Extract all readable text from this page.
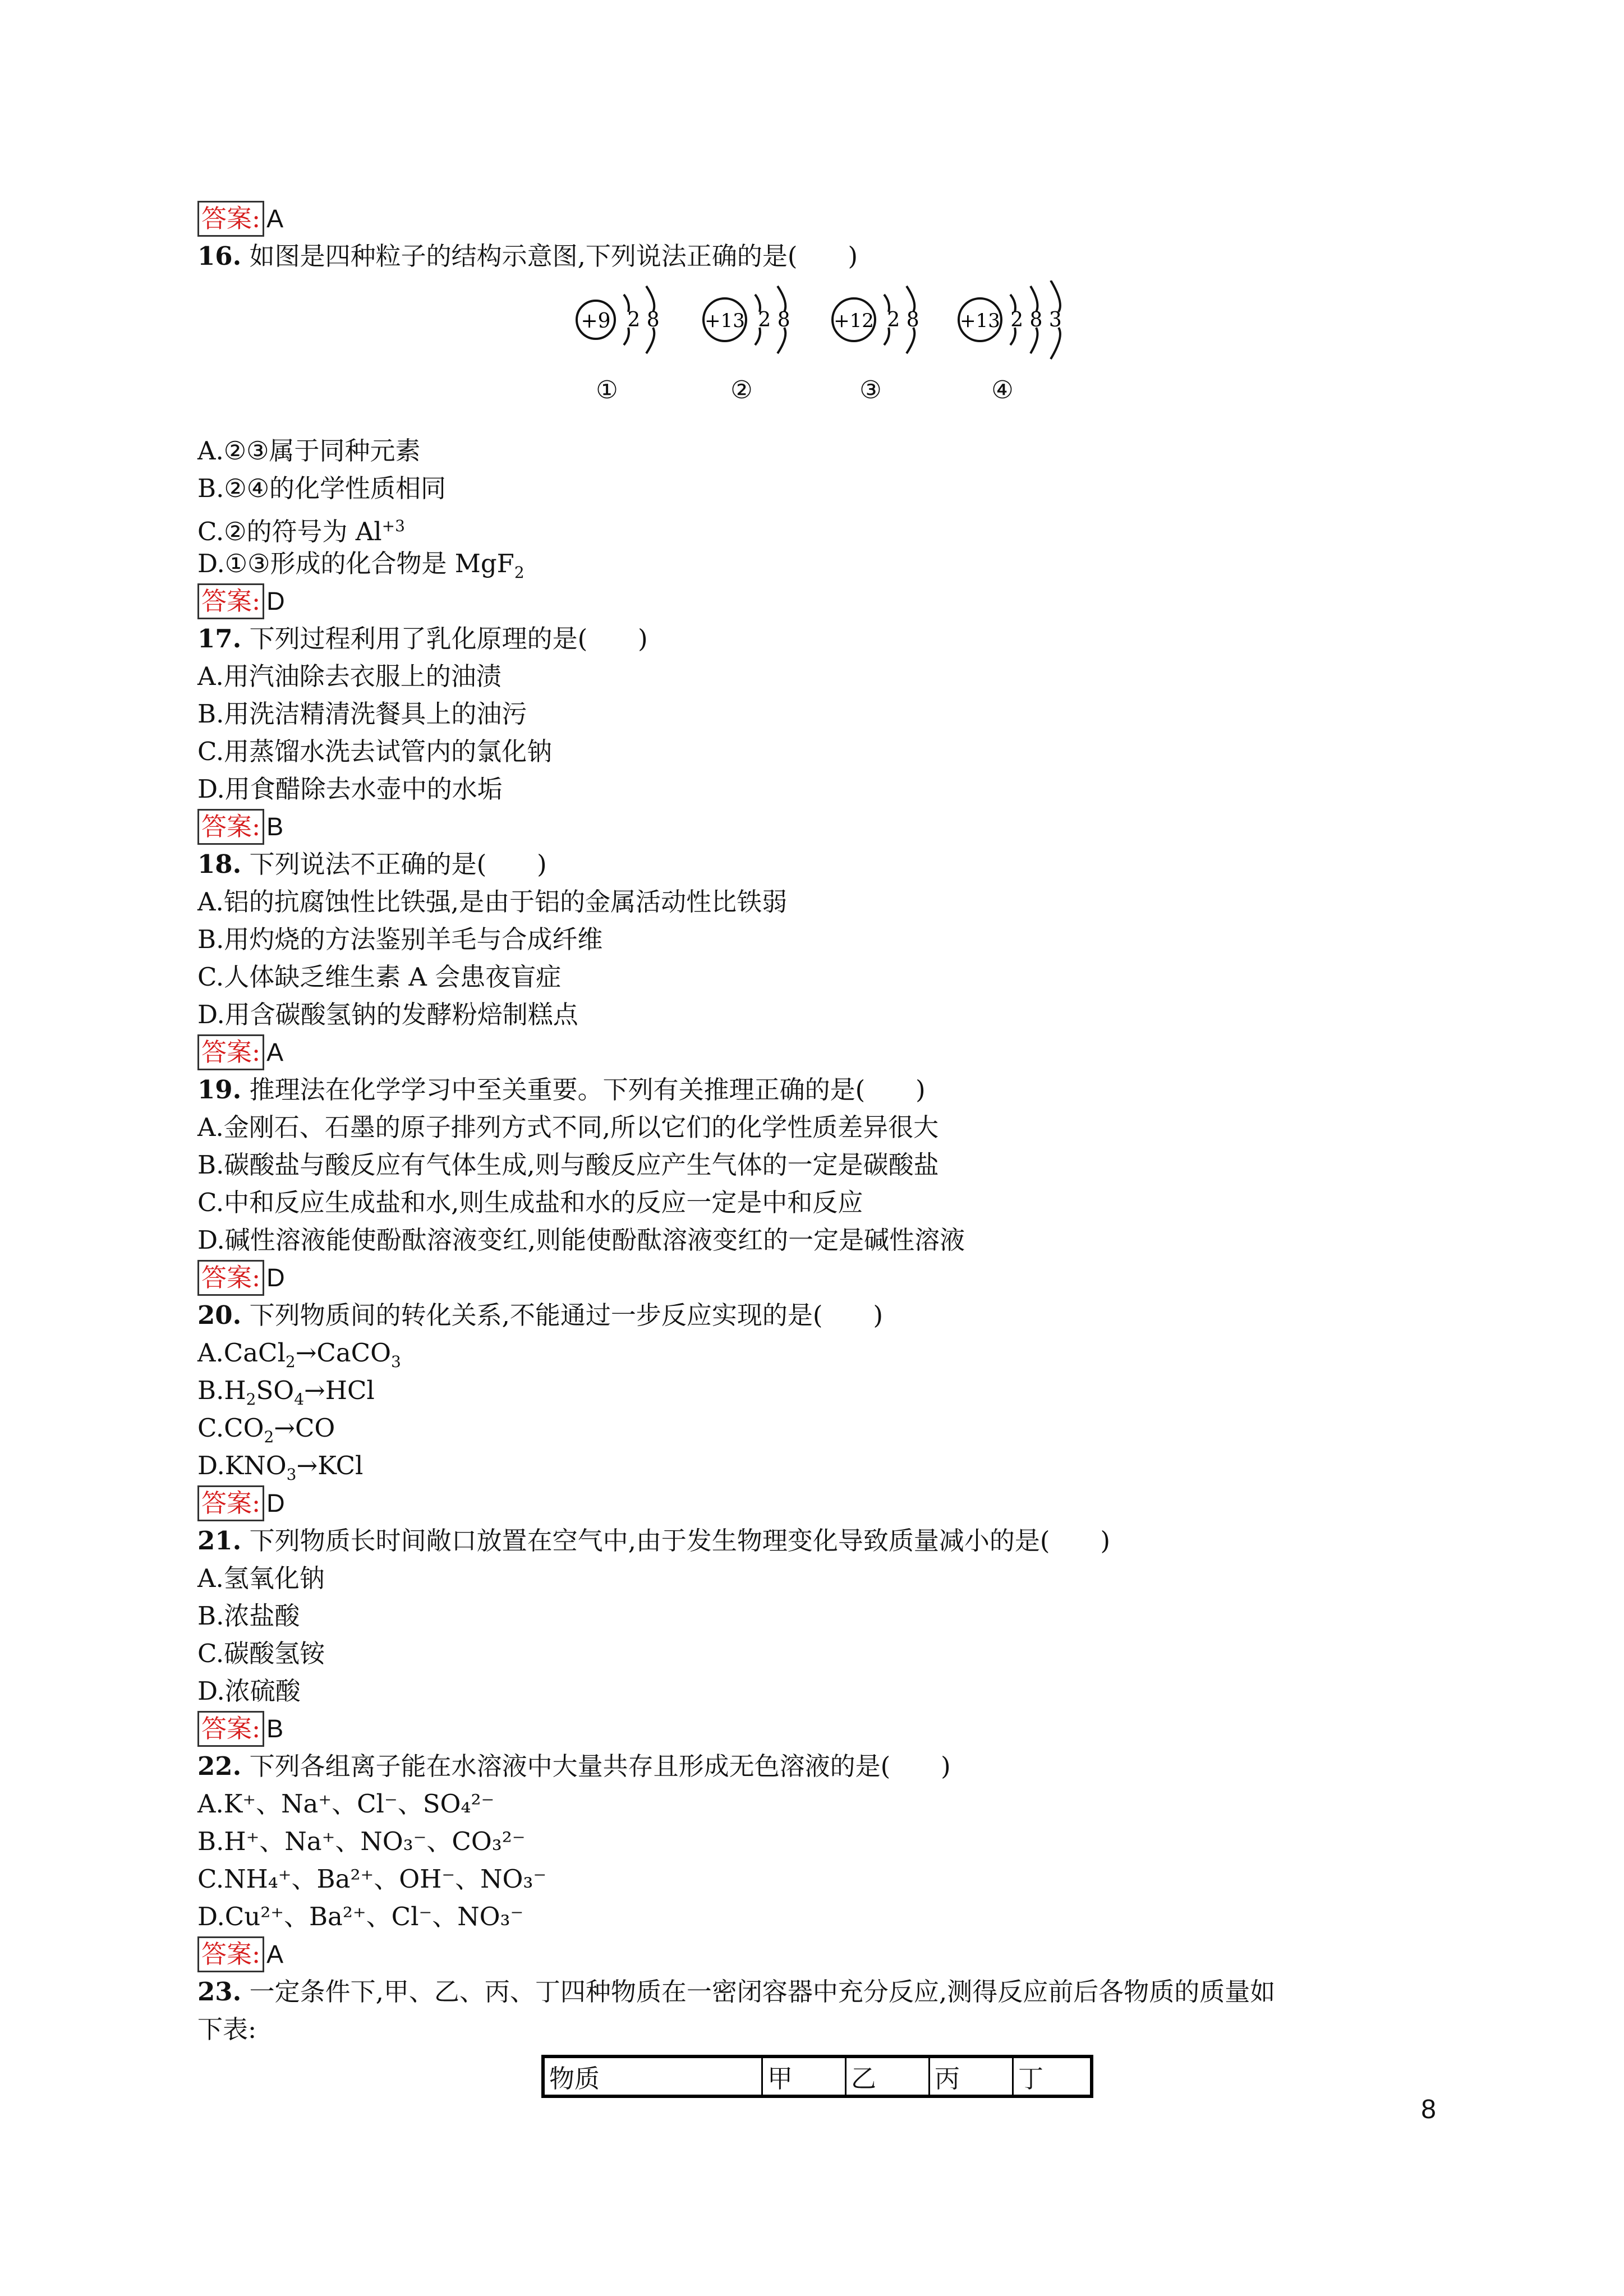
答案: A
16. 如图是四种粒子的结构示意图,下列说法正确的是(　　)
+9 2 8 +13 2 8 +12 2 8 +13 2 8 3
①	②	③	④
A.②③属于同种元素
B.②④的化学性质相同
C.②的符号为 $Al^{+3}$
D.①③形成的化合物是 MgF$_2$
答案: D
17. 下列过程利用了乳化原理的是(　　)
A.用汽油除去衣服上的油渍
B.用洗洁精清洗餐具上的油污
C.用蒸馏水洗去试管内的氯化钠
D.用食醋除去水壶中的水垢
答案: B
18. 下列说法不正确的是(　　)
A.铝的抗腐蚀性比铁强,是由于铝的金属活动性比铁弱
B.用灼烧的方法鉴别羊毛与合成纤维
C.人体缺乏维生素 A 会患夜盲症
D.用含碳酸氢钠的发酵粉焙制糕点
答案: A
19. 推理法在化学学习中至关重要。下列有关推理正确的是(　　)
A.金刚石、石墨的原子排列方式不同,所以它们的化学性质差异很大
B.碳酸盐与酸反应有气体生成,则与酸反应产生气体的一定是碳酸盐
C.中和反应生成盐和水,则生成盐和水的反应一定是中和反应
D.碱性溶液能使酚酞溶液变红,则能使酚酞溶液变红的一定是碱性溶液
答案: D
20. 下列物质间的转化关系,不能通过一步反应实现的是(　　)
A.CaCl$_2$→CaCO$_3$
$B.H_2SO_4\to HCl$
$C.CO_2\to CO$
$D.KNO_3\to KCl$
答案: D
21. 下列物质长时间敞口放置在空气中,由于发生物理变化导致质量减小的是(　　)
A.氢氧化钠
B.浓盐酸
C.碳酸氢铵
D.浓硫酸
答案: B
22. 下列各组离子能在水溶液中大量共存且形成无色溶液的是(　　)
A.K⁺、Na⁺、Cl⁻、SO₄²⁻
B.H⁺、Na⁺、NO₃⁻、CO₃²⁻
C.NH₄⁺、Ba²⁺、OH⁻、NO₃⁻
D.Cu²⁺、Ba²⁺、Cl⁻、NO₃⁻
答案: A
23. 一定条件下,甲、乙、丙、丁四种物质在一密闭容器中充分反应,测得反应前后各物质的质量如
下表:
物质	甲	乙	丙	丁
8
